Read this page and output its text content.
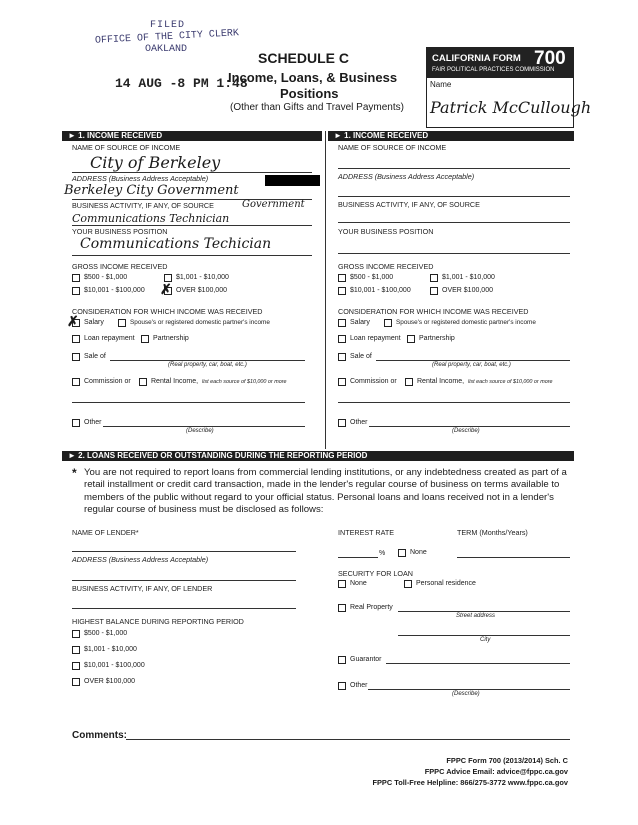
FILED
OFFICE OF THE CITY CLERK
OAKLAND
14 AUG -8 PM 1:48
SCHEDULE C
Income, Loans, & Business
Positions
(Other than Gifts and Travel Payments)
CALIFORNIA FORM 700
FAIR POLITICAL PRACTICES COMMISSION
Name
Patrick McCullough
► 1. INCOME RECEIVED	► 1. INCOME RECEIVED
NAME OF SOURCE OF INCOME
City of Berkeley
ADDRESS (Business Address Acceptable)
Berkeley City Government
BUSINESS ACTIVITY, IF ANY, OF SOURCE	Government
Communications Technician
YOUR BUSINESS POSITION
Communications Techician
GROSS INCOME RECEIVED
$500 - $1,000	$1,001 - $10,000
$10,001 - $100,000 ✗ OVER $100,000
CONSIDERATION FOR WHICH INCOME WAS RECEIVED
✗ Salary	Spouse's or registered domestic partner's income
Loan repayment	Partnership
Sale of
(Real property, car, boat, etc.)
Commission or	Rental Income, list each source of $10,000 or more
Other
(Describe)
NAME OF SOURCE OF INCOME
ADDRESS (Business Address Acceptable)
BUSINESS ACTIVITY, IF ANY, OF SOURCE
YOUR BUSINESS POSITION
GROSS INCOME RECEIVED
$500 - $1,000	$1,001 - $10,000
$10,001 - $100,000	OVER $100,000
CONSIDERATION FOR WHICH INCOME WAS RECEIVED
Salary	Spouse's or registered domestic partner's income
Loan repayment	Partnership
Sale of
(Real property, car, boat, etc.)
Commission or	Rental Income, list each source of $10,000 or more
Other
(Describe)
► 2. LOANS RECEIVED OR OUTSTANDING DURING THE REPORTING PERIOD
* You are not required to report loans from commercial lending institutions, or any indebtedness created as part of a retail installment or credit card transaction, made in the lender's regular course of business on terms available to members of the public without regard to your official status. Personal loans and loans received not in a lender's regular course of business must be disclosed as follows:
NAME OF LENDER*
ADDRESS (Business Address Acceptable)
BUSINESS ACTIVITY, IF ANY, OF LENDER
HIGHEST BALANCE DURING REPORTING PERIOD
$500 - $1,000
$1,001 - $10,000
$10,001 - $100,000
OVER $100,000
INTEREST RATE	TERM (Months/Years)
%	None
SECURITY FOR LOAN
None	Personal residence
Real Property
Street address
City
Guarantor
Other
(Describe)
Comments:
FPPC Form 700 (2013/2014) Sch. C
FPPC Advice Email: advice@fppc.ca.gov
FPPC Toll-Free Helpline: 866/275-3772 www.fppc.ca.gov
